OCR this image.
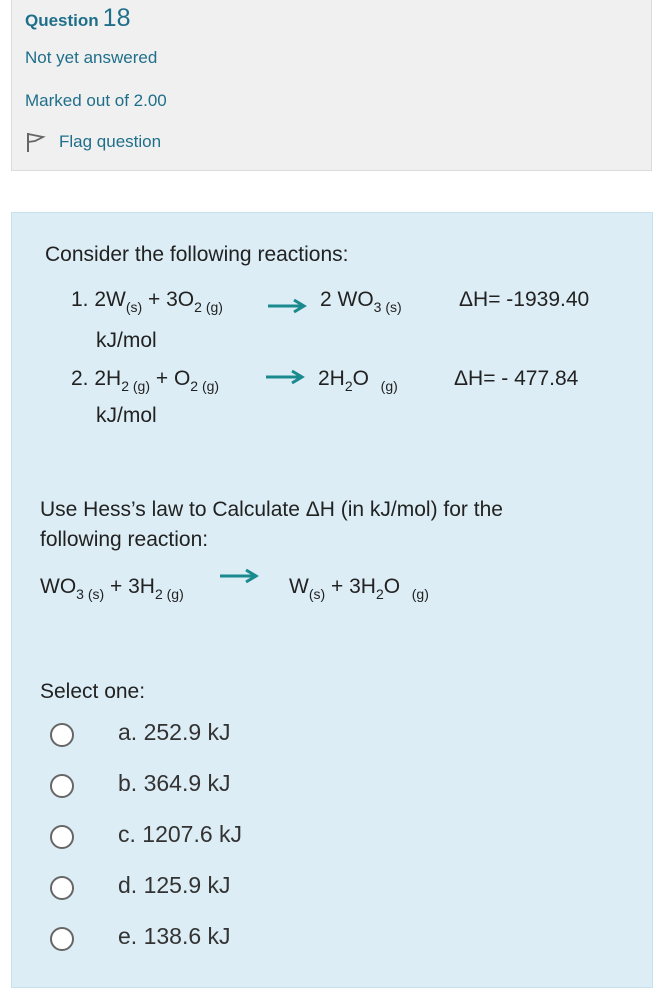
Question 18
Not yet answered
Marked out of 2.00
Flag question
Consider the following reactions:
1. $2W_{(s)} + 3O_{2 (g)}$	→ 2 $WO_{3 (s)}$	ΔH= -1939.40
kJ/mol
2. $2H_{2 (g)} + O_{2 (g)} \to 2H_2O$ $_{(g)}$	ΔH= - 477.84
kJ/mol
Use Hess’s law to Calculate ΔH (in kJ/mol) for the
following reaction:
$WO_{3 (s)} + 3H_{2 (g)}$	$W_{(s)} + 3H_2O$ $_{(g)}$
Select one:
a. 252.9 kJ
b. 364.9 kJ
c. 1207.6 kJ
d. 125.9 kJ
e. 138.6 kJ
